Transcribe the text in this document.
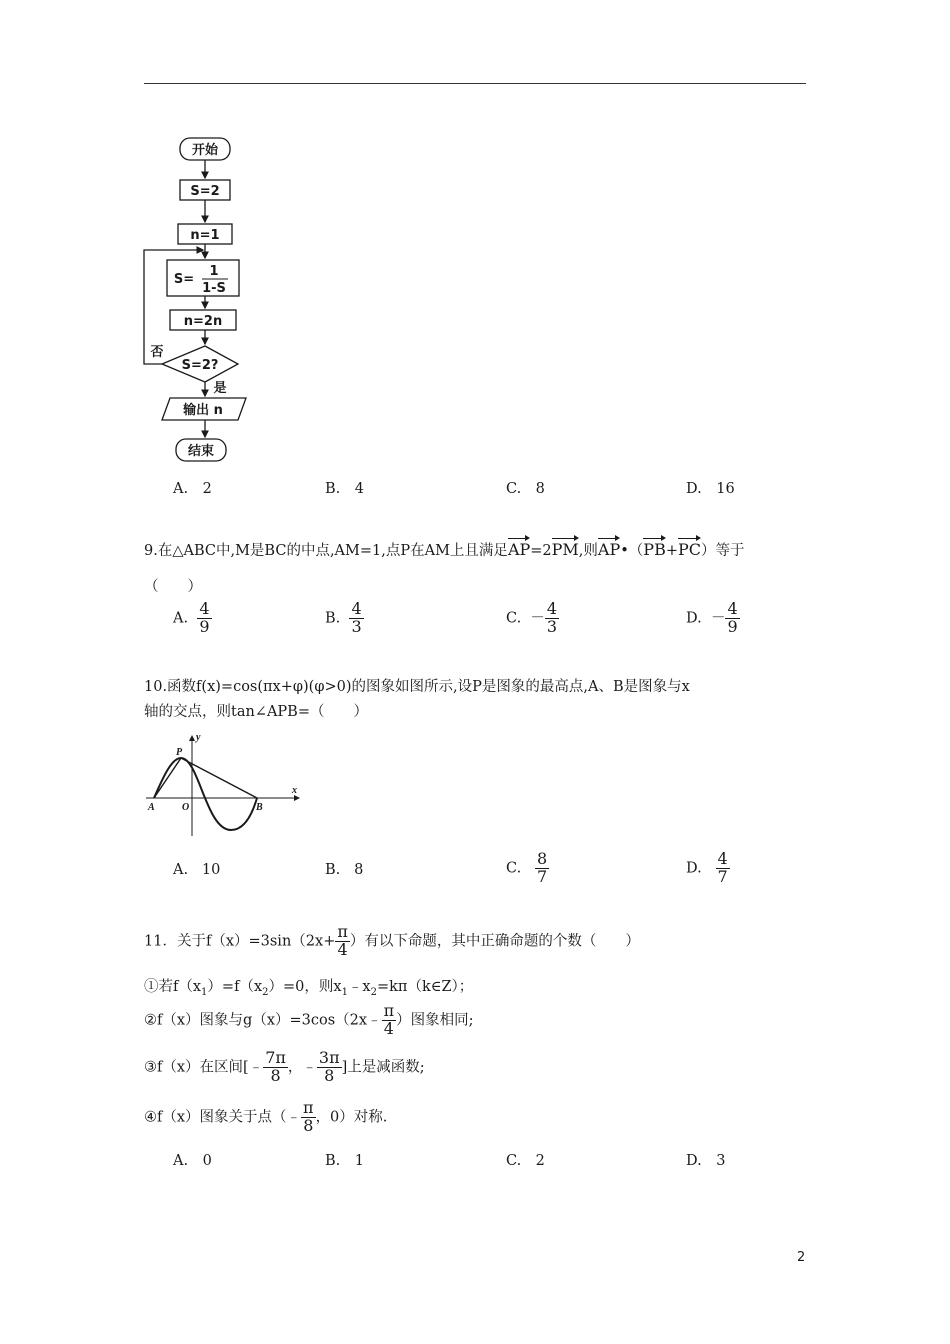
开始
S=2
n=1
S=
1
1-S
n=2n
S=2?
否
是
输出 n
结束
A.　2	B.　4	C.　8	D.　16
9.在△ABC中,M是BC的中点,AM=1,点P在AM上且满足AP=2PM,则AP•（PB+PC）等于
（　　）
A. $\frac{4}{9}$	B. $\frac{4}{3}$	C. － $\frac{4}{3}$	D. － $\frac{4}{9}$
10.函数f(x)=cos(πx+φ)(φ>0)的图象如图所示,设P是图象的最高点,A、B是图象与x
轴的交点，则tan∠APB=（　　）
y
x
P
A	O	B
A. 10	B. 8	C. $\frac{8}{7}$	D. $\frac{4}{7}$
11．关于$f(x)=3\sin(2x+ \frac{\pi}{4}$ ）有以下命题，其中正确命题的个数（　　）
①若$f(x_1)=f(x_2)=0$，则$x_1﹣x_2=k\pi(k\in Z)$；
②f（x）图象与g（x）=3cos（2x﹣ $\frac{\pi}{4}$ ）图象相同;
③f（x）在区间[﹣ $\frac{7\pi}{8}$ ，﹣ $\frac{3\pi}{8}$ ]上是减函数;
④f（x）图象关于点（﹣ $\frac{\pi}{8}$ ，0）对称.
A.　0	B.　1	C.　2	D.　3
2
